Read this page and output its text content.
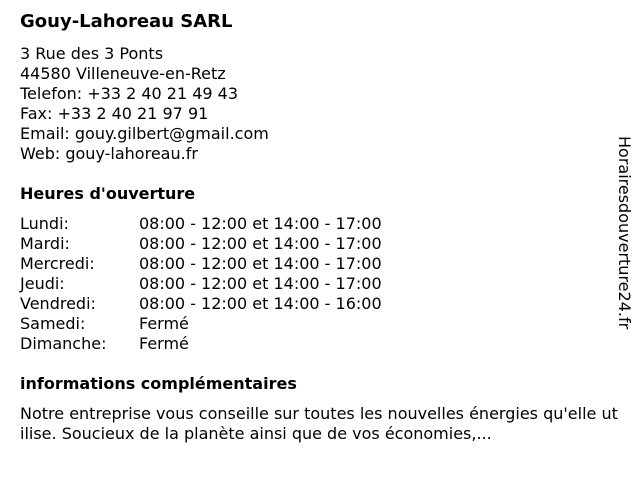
Gouy-Lahoreau SARL
3 Rue des 3 Ponts
44580 Villeneuve-en-Retz
Telefon: +33 2 40 21 49 43
Fax: +33 2 40 21 97 91
Email: gouy.gilbert@gmail.com
Web: gouy-lahoreau.fr
Heures d'ouverture
Lundi:	08:00 - 12:00 et 14:00 - 17:00
Mardi:	08:00 - 12:00 et 14:00 - 17:00
Mercredi:	08:00 - 12:00 et 14:00 - 17:00
Jeudi:	08:00 - 12:00 et 14:00 - 17:00
Vendredi:	08:00 - 12:00 et 14:00 - 16:00
Samedi:	Fermé
Dimanche:	Fermé
informations complémentaires

Notre entreprise vous conseille sur toutes les nouvelles énergies qu'elle utilise. Soucieux de la planète ainsi que de vos économies,...

Horairesdouverture24.fr
